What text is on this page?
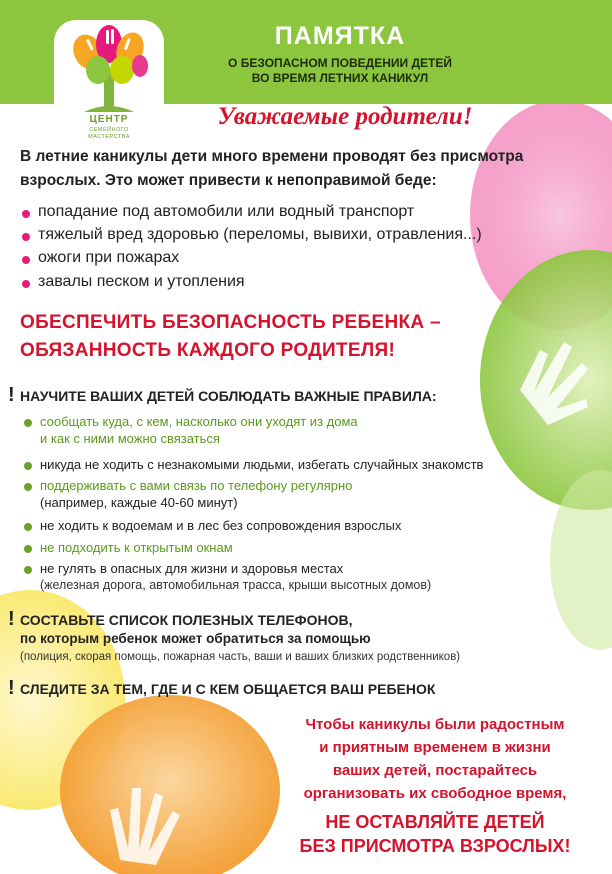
ЦЕНТР
СЕМЕЙНОГО
МАСТЕРСТВА
ПАМЯТКА
О БЕЗОПАСНОМ ПОВЕДЕНИИ ДЕТЕЙ
ВО ВРЕМЯ ЛЕТНИХ КАНИКУЛ
Уважаемые родители!
В летние каникулы дети много времени проводят без присмотра
взрослых. Это может привести к непоправимой беде:
попадание под автомобили или водный транспорт
тяжелый вред здоровью (переломы, вывихи, отравления...)
ожоги при пожарах
завалы песком и утопления
ОБЕСПЕЧИТЬ БЕЗОПАСНОСТЬ РЕБЕНКА –
ОБЯЗАННОСТЬ КАЖДОГО РОДИТЕЛЯ!
! НАУЧИТЕ ВАШИХ ДЕТЕЙ СОБЛЮДАТЬ ВАЖНЫЕ ПРАВИЛА:
сообщать куда, с кем, насколько они уходят из дома
и как с ними можно связаться
никуда не ходить с незнакомыми людьми, избегать случайных знакомств
поддерживать с вами связь по телефону регулярно
(например, каждые 40-60 минут)
не ходить к водоемам и в лес без сопровождения взрослых
не подходить к открытым окнам
не гулять в опасных для жизни и здоровья местах
(железная дорога, автомобильная трасса, крыши высотных домов)
! СОСТАВЬТЕ СПИСОК ПОЛЕЗНЫХ ТЕЛЕФОНОВ,
по которым ребенок может обратиться за помощью
(полиция, скорая помощь, пожарная часть, ваши и ваших близких родственников)
! СЛЕДИТЕ ЗА ТЕМ, ГДЕ И С КЕМ ОБЩАЕТСЯ ВАШ РЕБЕНОК
Чтобы каникулы были радостным
и приятным временем в жизни
ваших детей, постарайтесь
организовать их свободное время,
НЕ ОСТАВЛЯЙТЕ ДЕТЕЙ
БЕЗ ПРИСМОТРА ВЗРОСЛЫХ!
